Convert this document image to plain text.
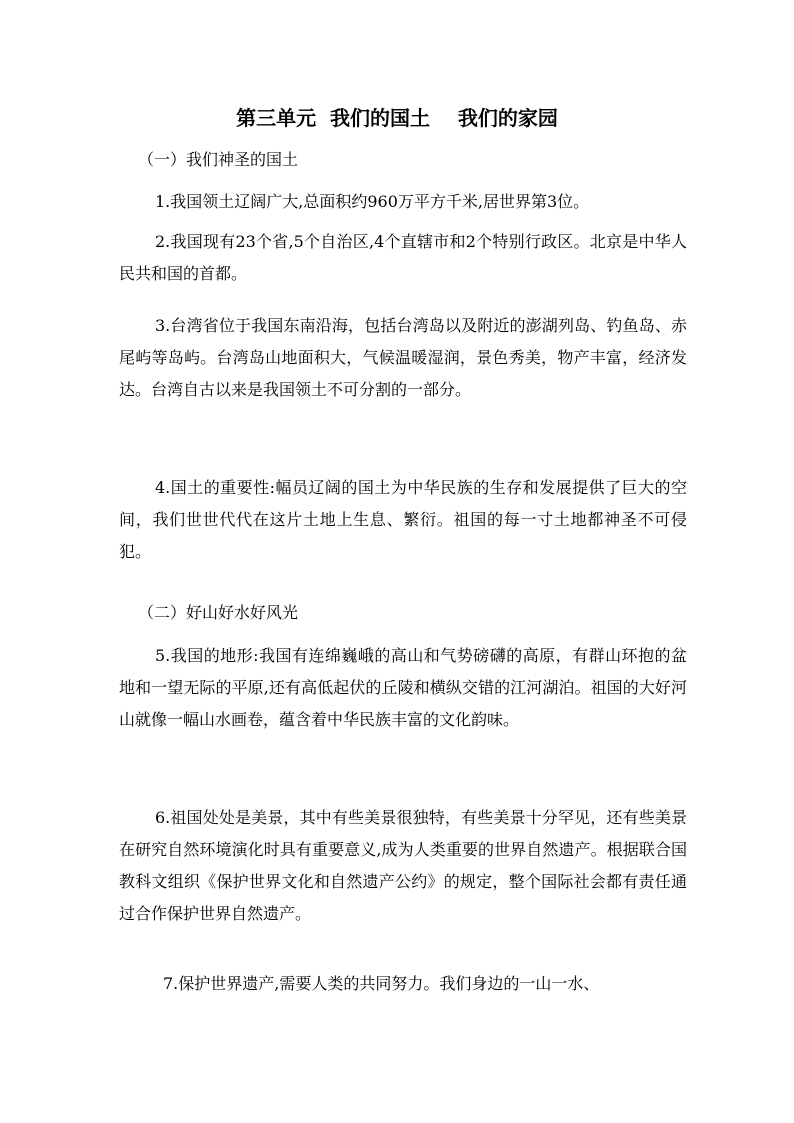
第三单元  我们的国土    我们的家园
（一）我们神圣的国土
1.我国领土辽阔广大,总面积约960万平方千米,居世界第3位。
2.我国现有23个省,5个自治区,4个直辖市和2个特别行政区。北京是中华人民共和国的首都。
3.台湾省位于我国东南沿海，包括台湾岛以及附近的澎湖列岛、钓鱼岛、赤尾屿等岛屿。台湾岛山地面积大，气候温暖湿润，景色秀美，物产丰富，经济发达。台湾自古以来是我国领土不可分割的一部分。
4.国土的重要性:幅员辽阔的国土为中华民族的生存和发展提供了巨大的空间，我们世世代代在这片土地上生息、繁衍。祖国的每一寸土地都神圣不可侵犯。
（二）好山好水好风光
5.我国的地形:我国有连绵巍峨的高山和气势磅礴的高原，有群山环抱的盆地和一望无际的平原,还有高低起伏的丘陵和横纵交错的江河湖泊。祖国的大好河山就像一幅山水画卷，蕴含着中华民族丰富的文化韵味。
6.祖国处处是美景，其中有些美景很独特，有些美景十分罕见，还有些美景在研究自然环境演化时具有重要意义,成为人类重要的世界自然遗产。根据联合国教科文组织《保护世界文化和自然遗产公约》的规定，整个国际社会都有责任通过合作保护世界自然遗产。
7.保护世界遗产,需要人类的共同努力。我们身边的一山一水、
